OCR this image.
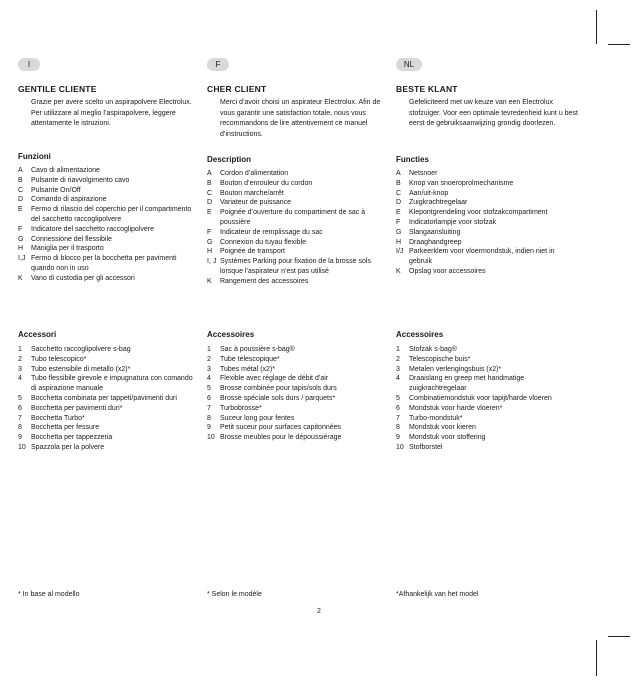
I	F	NL
GENTILE CLIENTE

Grazie per avere scelto un aspirapolvere Electrolux. Per utilizzare al meglio l’aspirapolvere, leggere attentamente le istruzioni.

Funzioni
A Cavo di alimentazione
B Pulsante di riavvolgimento cavo
C Pulsante On/Off
D Comando di aspirazione
E Fermo di rilascio del coperchio per il compartimento del sacchetto raccoglipolvere
F Indicatore del sacchetto raccoglipolvere
G Connessione del flessibile
H Maniglia per il trasporto
I,J Fermo di blocco per la bocchetta per pavimenti quando non in uso
K Vano di custodia per gli accessori
Accessori
1 Sacchetto raccoglipolvere s-bag
2 Tubo telescopico*
3 Tubo estensibile di metallo (x2)*
4 Tubo flessibile girevole e impugnatura con comando di aspirazione manuale
5 Bocchetta combinata per tappeti/pavimenti duri
6 Bocchetta per pavimenti duri*
7 Bocchetta Turbo*
8 Bocchetta per fessure
9 Bocchetta per tappezzeria
10 Spazzola per la polvere
* In base al modello
CHER CLIENT

Merci d’avoir choisi un aspirateur Electrolux. Afin de vous garantir une satisfaction totale, nous vous recommandons de lire attentivement ce manuel d’instructions.

Description
A Cordon d’alimentation
B Bouton d’enrouleur du cordon
C Bouton marche/arrêt
D Variateur de puissance
E Poignée d’ouverture du compartiment de sac à poussière
F Indicateur de remplissage du sac
G Connexion du tuyau flexible
H Poignée de transport
I, J Systèmes Parking pour fixation de la brosse sols lorsque l’aspirateur n’est pas utilisé
K Rangement des accessoires
Accessoires
1 Sac à poussière s-bag®
2 Tube télescopique*
3 Tubes métal (x2)*
4 Flexible avec réglage de débit d’air
5 Brosse combinée pour tapis/sols durs
6 Brosse spéciale sols durs / parquets*
7 Turbobrosse*
8 Suceur long pour fentes
9 Petit suceur pour surfaces capitonnées
10 Brosse meubles pour le dépoussiérage
* Selon le modèle
BESTE KLANT

Gefeliciteerd met uw keuze van een Electrolux stofzuiger. Voor een optimale tevredenheid kunt u best eerst de gebruiksaanwijzing grondig doorlezen.

Functies
A Netsnoer
B Knop van snoeroprolmechanisme
C Aan/uit-knop
D Zuigkrachtregelaar
E Klepontgrendeling voor stofzakcompartiment
F Indicatorlampje voor stofzak
G Slangaansluiting
H Draaghandgreep
I/J Parkeerklem voor vloermondstuk, indien niet in gebruik
K Opslag voor accessoires
Accessoires
1 Stofzak s-bag®
2 Telescopische buis*
3 Metalen verlengingsbuis (x2)*
4 Draaislang en greep met handmatige zuigkrachtregelaar
5 Combinatiemondstuk voor tapijt/harde vloeren
6 Mondstuk voor harde vloeren*
7 Turbo-mondstuk*
8 Mondstuk voor kieren
9 Mondstuk voor stoffering
10 Stofborstel
*Afhankelijk van het model
2
